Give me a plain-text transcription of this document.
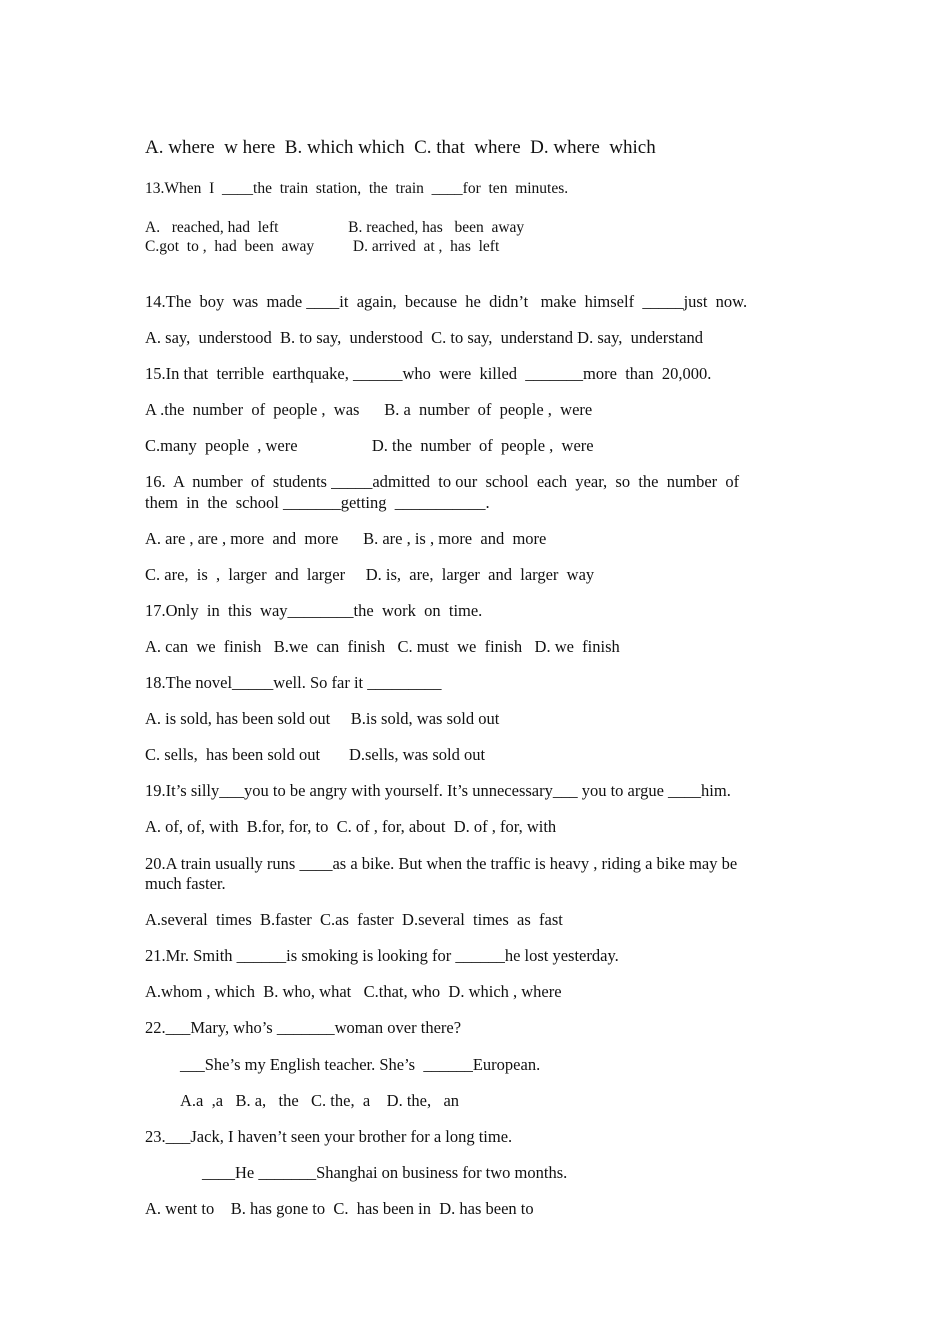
A. where  w here  B. which which  C. that  where  D. where  which
13.When  I  ____the  train  station,  the  train  ____for  ten  minutes.
A.   reached, had  left                  B. reached, has   been  away
C.got  to ,  had  been  away          D. arrived  at ,  has  left
14.The  boy  was  made ____it  again,  because  he  didn’t   make  himself  _____just  now.
A. say,  understood  B. to say,  understood  C. to say,  understand D. say,  understand
15.In that  terrible  earthquake, ______who  were  killed  _______more  than  20,000.
A .the  number  of  people ,  was      B. a  number  of  people ,  were
C.many  people  , were                  D. the  number  of  people ,  were
16.  A  number  of  students _____admitted  to our  school  each  year,  so  the  number  of
them  in  the  school _______getting  ___________.
A. are , are , more  and  more      B. are , is , more  and  more
C. are,  is  ,  larger  and  larger     D. is,  are,  larger  and  larger  way
17.Only  in  this  way________the  work  on  time.
A. can  we  finish   B.we  can  finish   C. must  we  finish   D. we  finish
18.The novel_____well. So far it _________
A. is sold, has been sold out     B.is sold, was sold out
C. sells,  has been sold out       D.sells, was sold out
19.It’s silly___you to be angry with yourself. It’s unnecessary___ you to argue ____him.
A. of, of, with  B.for, for, to  C. of , for, about  D. of , for, with
20.A train usually runs ____as a bike. But when the traffic is heavy , riding a bike may be
much faster.
A.several  times  B.faster  C.as  faster  D.several  times  as  fast
21.Mr. Smith ______is smoking is looking for ______he lost yesterday.
A.whom , which  B. who, what   C.that, who  D. which , where
22.___Mary, who’s _______woman over there?
___She’s my English teacher. She’s  ______European.
A.a  ,a   B. a,   the   C. the,  a    D. the,   an
23.___Jack, I haven’t seen your brother for a long time.
____He _______Shanghai on business for two months.
A. went to    B. has gone to  C.  has been in  D. has been to
